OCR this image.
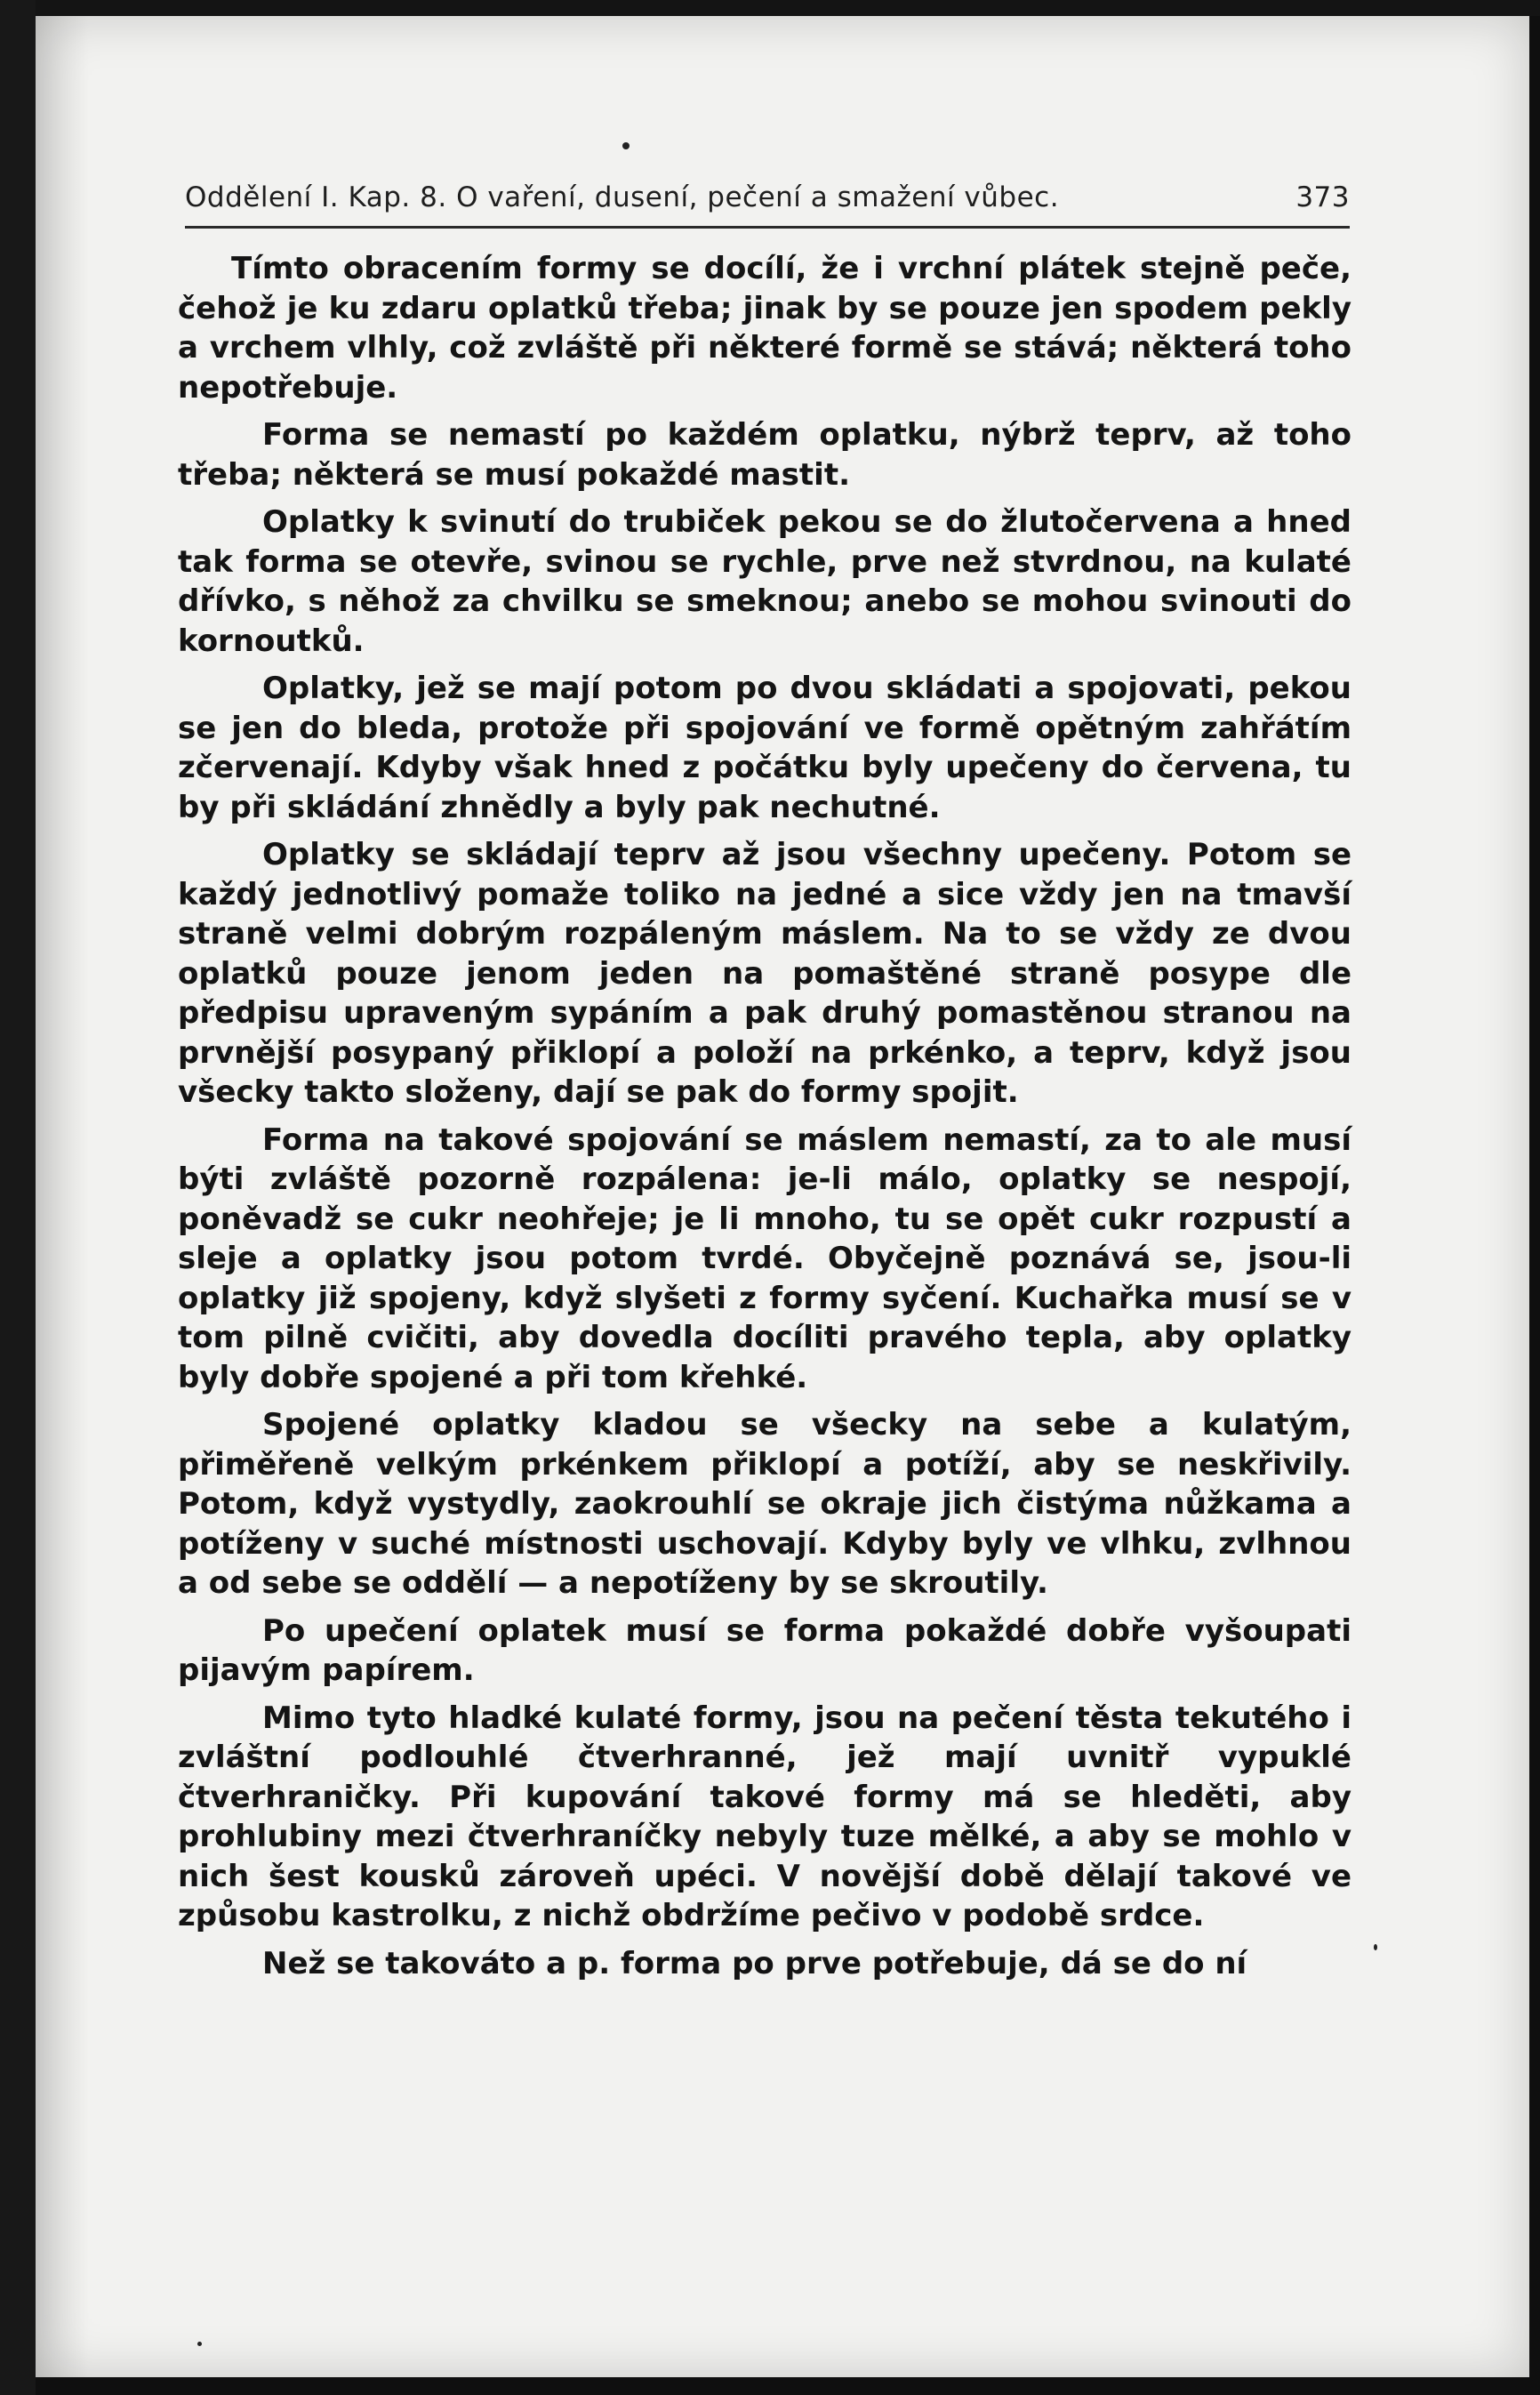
Oddělení I. Kap. 8. O vaření, dusení, pečení a smažení vůbec.	373

Tímto obracením formy se docílí, že i vrchní plátek stejně peče, čehož je ku zdaru oplatků třeba; jinak by se pouze jen spodem pekly a vrchem vlhly, což zvláště při některé formě se stává; některá toho nepotřebuje.

Forma se nemastí po každém oplatku, nýbrž teprv, až toho třeba; některá se musí pokaždé mastit.

Oplatky k svinutí do trubiček pekou se do žlutočervena a hned tak forma se otevře, svinou se rychle, prve než stvrdnou, na kulaté dřívko, s něhož za chvilku se smeknou; anebo se mohou svinouti do kornoutků.

Oplatky, jež se mají potom po dvou skládati a spojovati, pekou se jen do bleda, protože při spojování ve formě opětným zahřátím zčervenají. Kdyby však hned z počátku byly upečeny do červena, tu by při skládání zhnědly a byly pak nechutné.

Oplatky se skládají teprv až jsou všechny upečeny. Potom se každý jednotlivý pomaže toliko na jedné a sice vždy jen na tmavší straně velmi dobrým rozpáleným máslem. Na to se vždy ze dvou oplatků pouze jenom jeden na pomaštěné straně posype dle předpisu upraveným sypáním a pak druhý pomastěnou stranou na prvnější posypaný přiklopí a položí na prkénko, a teprv, když jsou všecky takto složeny, dají se pak do formy spojit.

Forma na takové spojování se máslem nemastí, za to ale musí býti zvláště pozorně rozpálena: je-li málo, oplatky se nespojí, poněvadž se cukr neohřeje; je li mnoho, tu se opět cukr rozpustí a sleje a oplatky jsou potom tvrdé. Obyčejně poznává se, jsou-li oplatky již spojeny, když slyšeti z formy syčení. Kuchařka musí se v tom pilně cvičiti, aby dovedla docíliti pravého tepla, aby oplatky byly dobře spojené a při tom křehké.

Spojené oplatky kladou se všecky na sebe a kulatým, přiměřeně velkým prkénkem přiklopí a potíží, aby se neskřivily. Potom, když vystydly, zaokrouhlí se okraje jich čistýma nůžkama a potíženy v suché místnosti uschovají. Kdyby byly ve vlhku, zvlhnou a od sebe se oddělí — a nepotíženy by se skroutily.

Po upečení oplatek musí se forma pokaždé dobře vyšoupati pijavým papírem.

Mimo tyto hladké kulaté formy, jsou na pečení těsta tekutého i zvláštní podlouhlé čtverhranné, jež mají uvnitř vypuklé čtverhraničky. Při kupování takové formy má se hleděti, aby prohlubiny mezi čtverhraníčky nebyly tuze mělké, a aby se mohlo v nich šest kousků zároveň upéci. V novější době dělají takové ve způsobu kastrolku, z nichž obdržíme pečivo v podobě srdce.

Než se takováto a p. forma po prve potřebuje, dá se do ní
